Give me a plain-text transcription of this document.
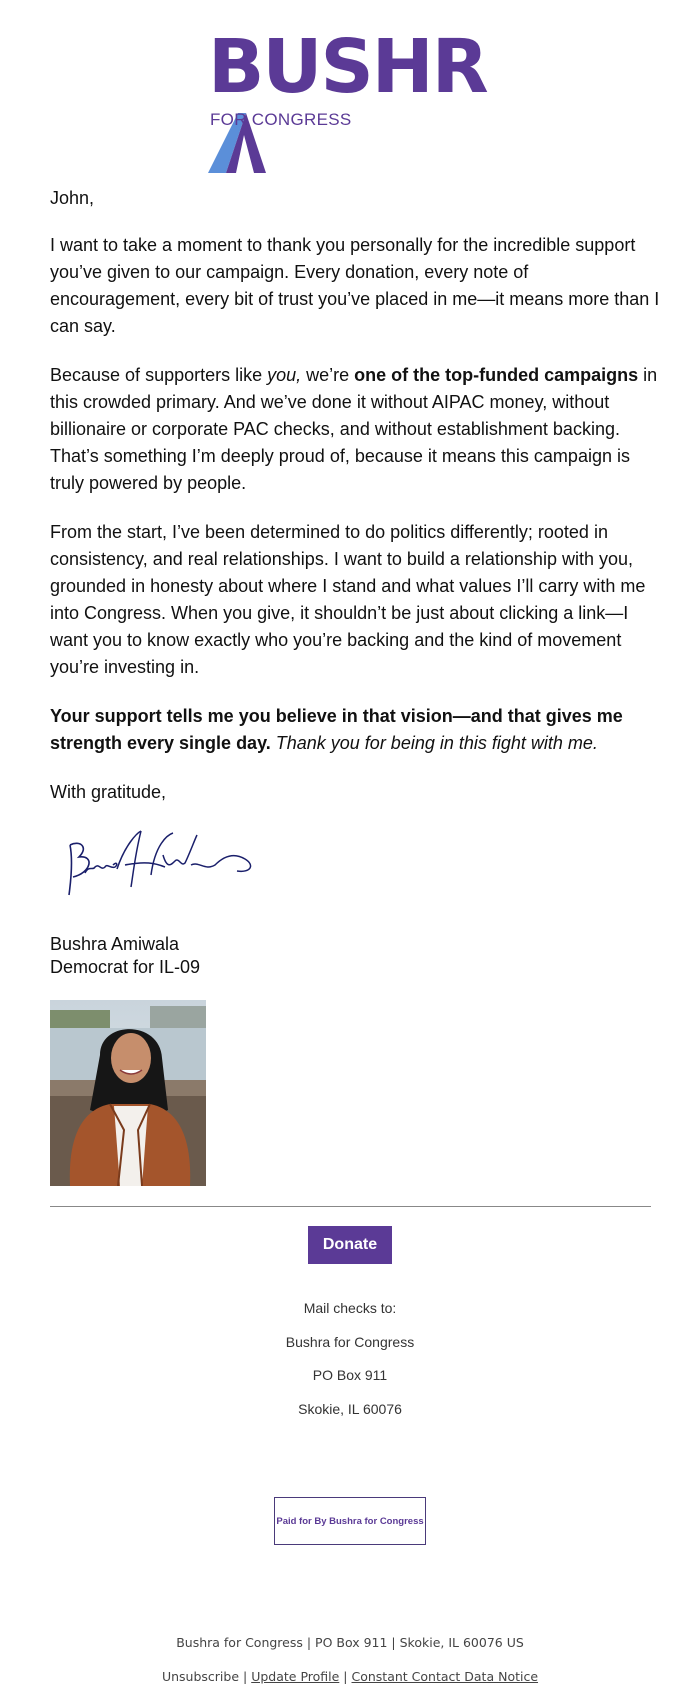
BUSHR
FOR CONGRESS

John,

I want to take a moment to thank you personally for the incredible support you’ve given to our campaign. Every donation, every note of encouragement, every bit of trust you’ve placed in me—it means more than I can say.

Because of supporters like you, we’re one of the top-funded campaigns in this crowded primary. And we’ve done it without AIPAC money, without billionaire or corporate PAC checks, and without establishment backing. That’s something I’m deeply proud of, because it means this campaign is truly powered by people.

From the start, I’ve been determined to do politics differently; rooted in consistency, and real relationships. I want to build a relationship with you, grounded in honesty about where I stand and what values I’ll carry with me into Congress. When you give, it shouldn’t be just about clicking a link—I want you to know exactly who you’re backing and the kind of movement you’re investing in.

Your support tells me you believe in that vision—and that gives me strength every single day. Thank you for being in this fight with me.

With gratitude,

Bushra Amiwala
Democrat for IL-09
Donate
Mail checks to:
Bushra for Congress
PO Box 911
Skokie, IL 60076
Paid for By Bushra for Congress
Bushra for Congress | PO Box 911 | Skokie, IL 60076 US
Unsubscribe | Update Profile | Constant Contact Data Notice
